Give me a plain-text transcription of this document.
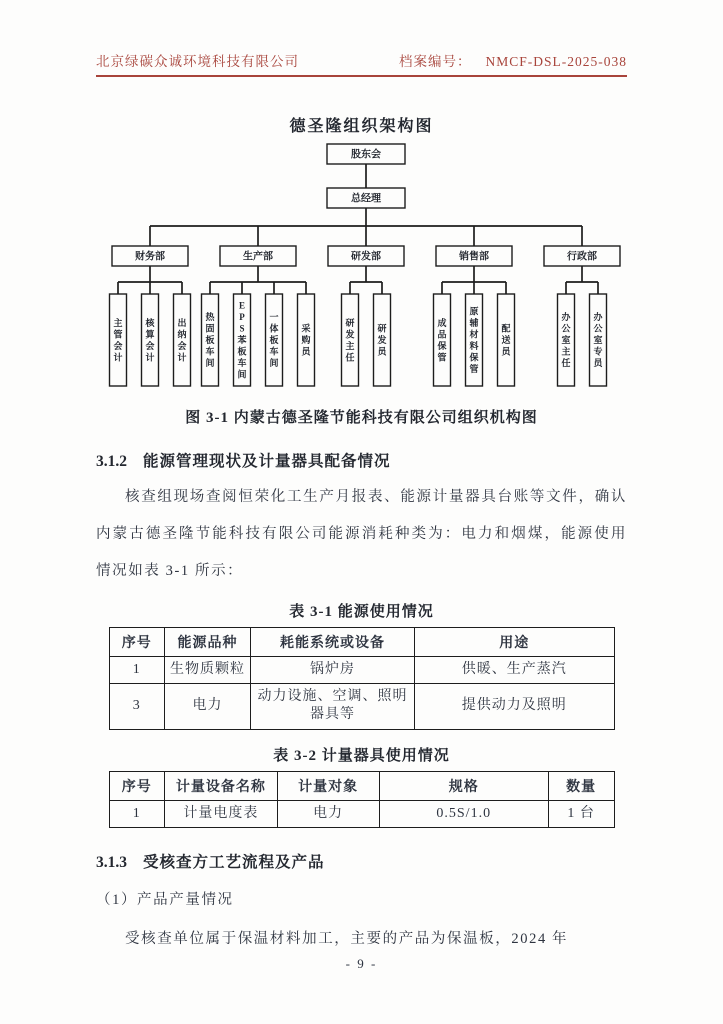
北京绿碳众诚环境科技有限公司	档案编号： NMCF-DSL-2025-038
德圣隆组织架构图
股东会
总经理
财务部
主管会计
核算会计
出纳会计
生产部
热固板车间
E P S 苯板车间
一体板车间
采购员
研发部
研发主任
研发员
销售部
成品保管
原辅材料保管
配送员
行政部
办公室主任
办公室专员
图 3-1 内蒙古德圣隆节能科技有限公司组织机构图
3.1.2 能源管理现状及计量器具配备情况

核查组现场查阅恒荣化工生产月报表、能源计量器具台账等文件，确认内蒙古德圣隆节能科技有限公司能源消耗种类为：电力和烟煤，能源使用情况如表 3-1 所示：

表 3-1 能源使用情况
序号	能源品种	耗能系统或设备	用途
1	生物质颗粒	锅炉房	供暖、生产蒸汽
3	电力	动力设施、空调、照明器具等	提供动力及照明
表 3-2 计量器具使用情况
序号	计量设备名称	计量对象	规格	数量
1	计量电度表	电力	0.5S/1.0	1 台
3.1.3 受核查方工艺流程及产品

（1）产品产量情况

受核查单位属于保温材料加工，主要的产品为保温板，2024 年

- 9 -
